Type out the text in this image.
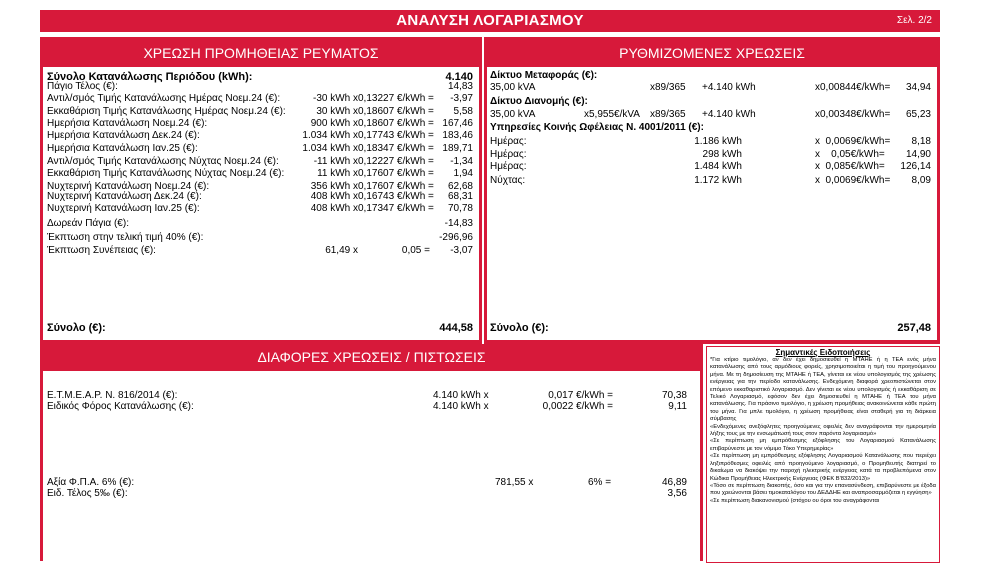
ΑΝΑΛΥΣΗ ΛΟΓΑΡΙΑΣΜΟΥ	Σελ. 2/2
ΧΡΕΩΣΗ ΠΡΟΜΗΘΕΙΑΣ ΡΕΥΜΑΤΟΣ
Σύνολο Κατανάλωσης Περιόδου (kWh):	4.140
Πάγιο Τέλος (€):	14,83
Αντιλ/σμός Τιμής Κατανάλωσης Ημέρας Νοεμ.24 (€):	-30 kWh x 0,13227 €/kWh =	-3,97
Εκκαθάριση Τιμής Κατανάλωσης Ημέρας Νοεμ.24 (€):	30 kWh x 0,18607 €/kWh =	5,58
Ημερήσια Κατανάλωση Νοεμ.24 (€):	900 kWh x 0,18607 €/kWh = 167,46
Ημερήσια Κατανάλωση Δεκ.24 (€):	1.034 kWh x 0,17743 €/kWh = 183,46
Ημερήσια Κατανάλωση Ιαν.25 (€):	1.034 kWh x 0,18347 €/kWh = 189,71
Αντιλ/σμός Τιμής Κατανάλωσης Νύχτας Νοεμ.24 (€):	-11 kWh x 0,12227 €/kWh =	-1,34
Εκκαθάριση Τιμής Κατανάλωσης Νύχτας Νοεμ.24 (€):	11 kWh x 0,17607 €/kWh =	1,94
Νυχτερινή Κατανάλωση Νοεμ.24 (€):	356 kWh x 0,17607 €/kWh =	62,68
Νυχτερινή Κατανάλωση Δεκ.24 (€):	408 kWh x 0,16743 €/kWh =	68,31
Νυχτερινή Κατανάλωση Ιαν.25 (€):	408 kWh x 0,17347 €/kWh =	70,78
Δωρεάν Πάγια (€):	-14,83
Έκπτωση στην τελική τιμή 40% (€):	-296,96
Έκπτωση Συνέπειας (€):	61,49 x	0,05 =	-3,07
Σύνολο (€):	444,58
ΡΥΘΜΙΖΟΜΕΝΕΣ ΧΡΕΩΣΕΙΣ
Δίκτυο Μεταφοράς (€):
35,00 kVA	x89/365 +4.140 kWh	x0,00844€/kWh=	34,94
Δίκτυο Διανομής (€):
35,00 kVA	x5,955€/kVA x89/365 +4.140 kWh	x0,00348€/kWh=	65,23
Υπηρεσίες Κοινής Ωφέλειας Ν. 4001/2011 (€):
Ημέρας:	1.186 kWh	x  0,0069€/kWh=	8,18
Ημέρας:	298 kWh	x    0,05€/kWh=	14,90
Ημέρας:	1.484 kWh	x  0,085€/kWh=	126,14
Νύχτας:	1.172 kWh	x  0,0069€/kWh=	8,09
Σύνολο (€):	257,48
ΔΙΑΦΟΡΕΣ ΧΡΕΩΣΕΙΣ / ΠΙΣΤΩΣΕΙΣ
Ε.Τ.Μ.Ε.Α.Ρ. Ν. 816/2014 (€):	4.140 kWh x	0,017 €/kWh =	70,38
Ειδικός Φόρος Κατανάλωσης (€):	4.140 kWh x	0,0022 €/kWh =	9,11
Αξία Φ.Π.Α. 6% (€):	781,55 x	6% =	46,89
Ειδ. Τέλος 5‰ (€):	3,56
Σημαντικές Ειδοποιήσεις
*Για κτίριο τιμολόγιο, αν δεν έχει δημοσιευθεί η ΜΤΑΗΕ ή η ΤΕΑ ενός μήνα κατανάλωσης από τους αρμόδιους φορείς, χρησιμοποιείται η τιμή του προηγούμενου μήνα. Με τη δημοσίευση της ΜΤΑΗΕ ή ΤΕΑ, γίνεται εκ νέου υπολογισμός της χρέωσης ενέργειας για την περίοδο κατανάλωσης. Ενδεχόμενη διαφορά χρεοπιστώνεται στον επόμενο εκκαθαριστικό λογαριασμό. Δεν γίνεται εκ νέου υπολογισμός ή εκκαθάριση σε Τελικό Λογαριασμό, εφόσον δεν έχει δημοσιευθεί η ΜΤΑΗΕ ή ΤΕΑ του μήνα κατανάλωσης. Για πράσινο τιμολόγιο, η χρέωση προμήθειας ανακοινώνεται κάθε πρώτη του μήνα. Για μπλε τιμολόγιο, η χρέωση προμήθειας είναι σταθερή για τη διάρκεια σύμβασης
«Ενδεχόμενες ανεξόφλητες προηγούμενες οφειλές δεν αναγράφονται την ημερομηνία λήξης τους με την ενσωμάτωσή τους στον παρόντα λογαριασμό»
«Σε περίπτωση μη εμπρόθεσμης εξόφλησης του Λογαριασμού Κατανάλωσης επιβαρύνεστε με τον νόμιμο Τόκο Υπερημερίας»
«Σε περίπτωση μη εμπρόθεσμης εξόφλησης Λογαριασμού Κατανάλωσης που περιέχει ληξιπρόθεσμες οφειλές από προηγούμενο λογαριασμό, ο Προμηθευτής διατηρεί το δικαίωμα να διακόψει την παροχή ηλεκτρικής ενέργειας κατά τα προβλεπόμενα στον Κώδικα Προμήθειας Ηλεκτρικής Ενέργειας (ΦΕΚ Β'832/2013)»
«Τόσο σε περίπτωση διακοπής, όσο και για την επανασύνδεση, επιβαρύνεστε με έξοδα που χρεώνονται βάσει τιμοκαταλόγου του ΔΕΔΔΗΕ και αναπροσαρμόζεται η εγγύηση»
«Σε περίπτωση διακανονισμού (στόχου ου όροι του αναγράφονται
